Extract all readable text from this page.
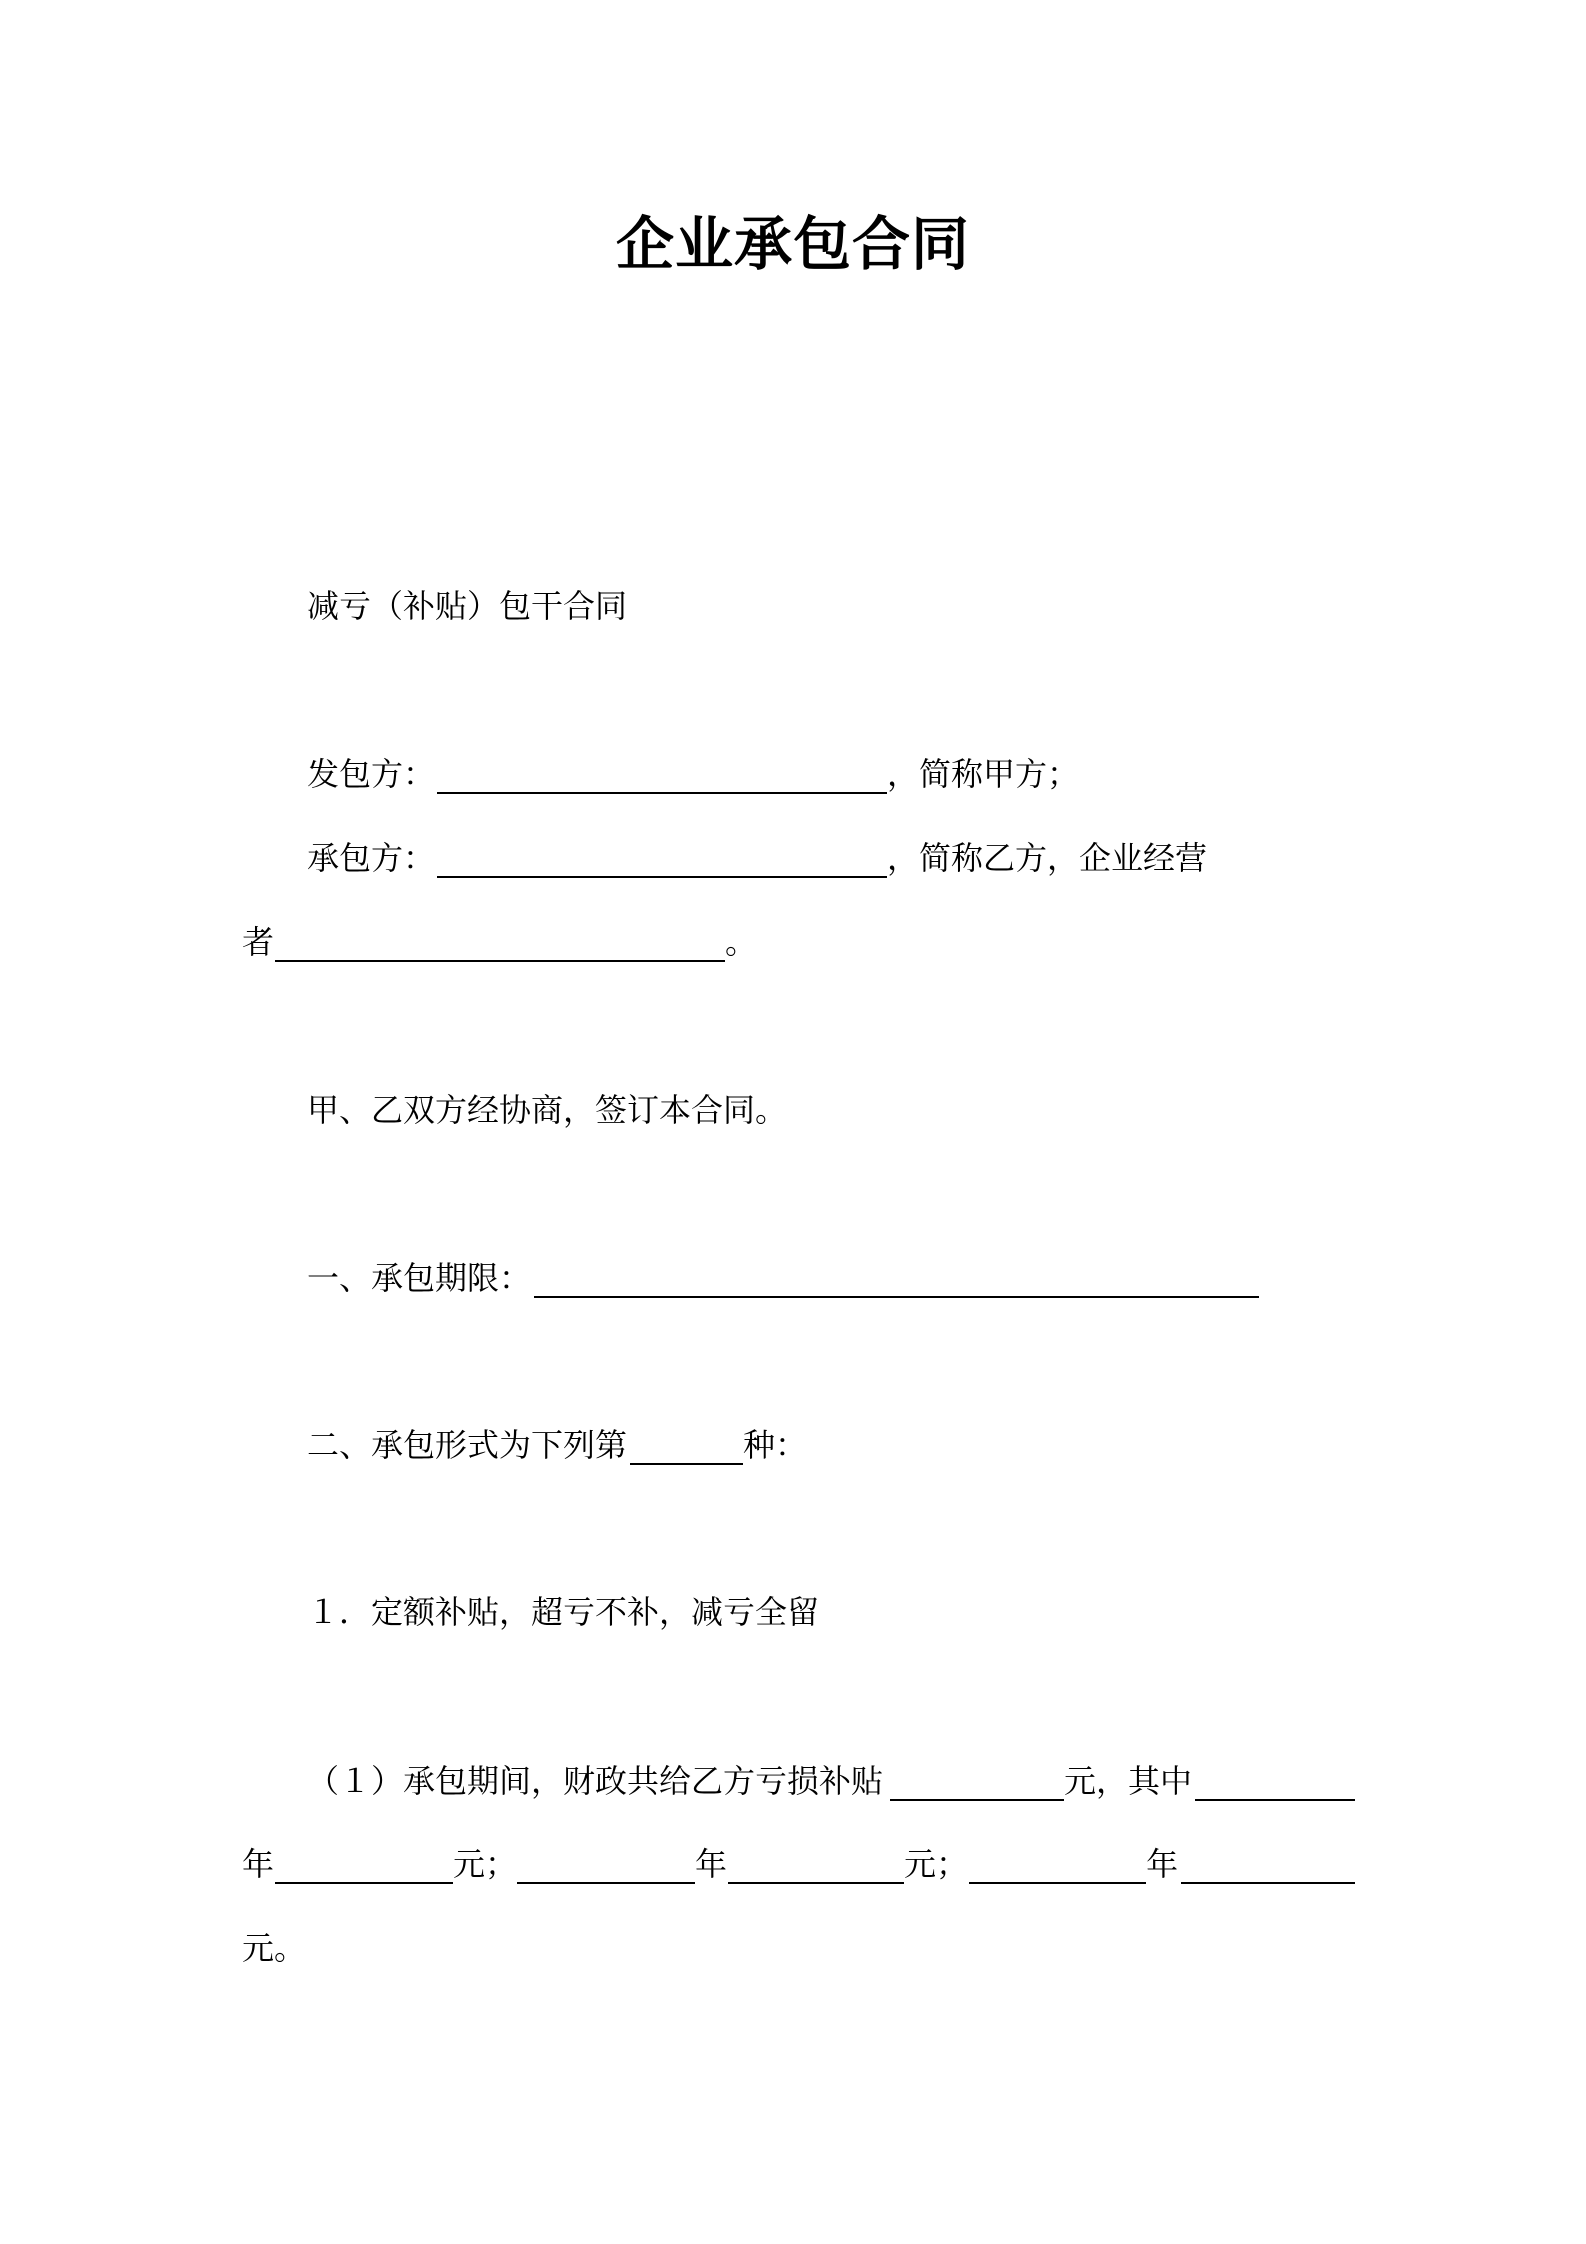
企业承包合同
减亏（补贴）包干合同
发包方：	，简称甲方；
承包方：	，简称乙方，企业经营
者	。
甲、乙双方经协商，签订本合同。
一、承包期限：
二、承包形式为下列第	种：
１．定额补贴，超亏不补，减亏全留
（１）承包期间，财政共给乙方亏损补贴	元，其中
年	元；	年	元；	年
元。
